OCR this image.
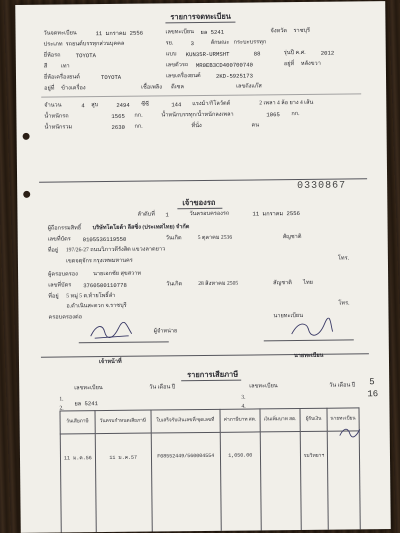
รายการจดทะเบียน
วันจดทะเบียน	11 มกราคม 2556	เลขทะเบียน ยล 5241	จังหวัด ราชบุรี
ประเภท รถยนต์บรรทุกส่วนบุคคล	รย.	3	ลักษณะ กระบะบรรทุก
ยี่ห้อรถ	TOYOTA	แบบ KUN35R-URMSHT	88	รุ่นปี ค.ศ.	2012
สี เทา	เลขตัวรถ MR0EB3CD400700740	อยู่ที่ หลังขวา
ยี่ห้อเครื่องยนต์	TOYOTA	เลขเครื่องยนต์	2KD-5925173
อยู่ที่ ข้างเครื่อง	เชื้อเพลิง ดีเซล	เลขถังแก๊ส
จำนวน	4 สูบ	2494 ซีซี	144 แรงม้า/กิโลวัตต์	2 เพลา 4 ล้อ ยาง 4 เส้น
น้ำหนักรถ	1565 กก.	น้ำหนักบรรทุก/น้ำหนักลงเพลา	1065 กก.
น้ำหนักรวม	2630 กก.	ที่นั่ง	คน
0330867
เจ้าของรถ
ลำดับที่ 1	วันครอบครองรถ	11 มกราคม 2556
ผู้ถือกรรมสิทธิ์ บริษัทโตโยต้า ลีสซิ่ง (ประเทศไทย) จำกัด
เลขที่บัตร 0105536119550	วันเกิด	5 ตุลาคม 2536	สัญชาติ
ที่อยู่ 197/26-27 ถนนวิภาวดีรังสิต แขวงลาดยาว
เขตจตุจักร กรุงเทพมหานคร	โทร.
ผู้ครอบครอง	นายเอกชัย สุขสวาท
เลขที่บัตร 3760500110778	วันเกิด	28 สิงหาคม 2505	สัญชาติ ไทย
ที่อยู่ 5 หมู่ 5 ต.ท้ายโพธิ์ลำ
อ.ดำเนินสะดวก จ.ราชบุรี	โทร.
ครอบครองต่อ
ผู้จำหน่าย
นายทะเบียน
เจ้าหน้าที่
นายทะเบียน
5
16
รายการเสียภาษี
เลขทะเบียน	วัน เดือน ปี	เลขทะเบียน	วัน เดือน ปี
1.
ยล 5241
3.
2.	4.
วันเสียภาษี	วันครบกำหนดเสียภาษี	ใบเสร็จรับเงินเลขที่/ชุดเลขที่	ค่าภาษีบาท สต.	เงินเพิ่มบาท สต.	ผู้รับเงิน	นายทะเบียน
11 ม.ค.56	11 ม.ค.57	F08552449/560004554	1,050.00		รมวิทยาฯ	
